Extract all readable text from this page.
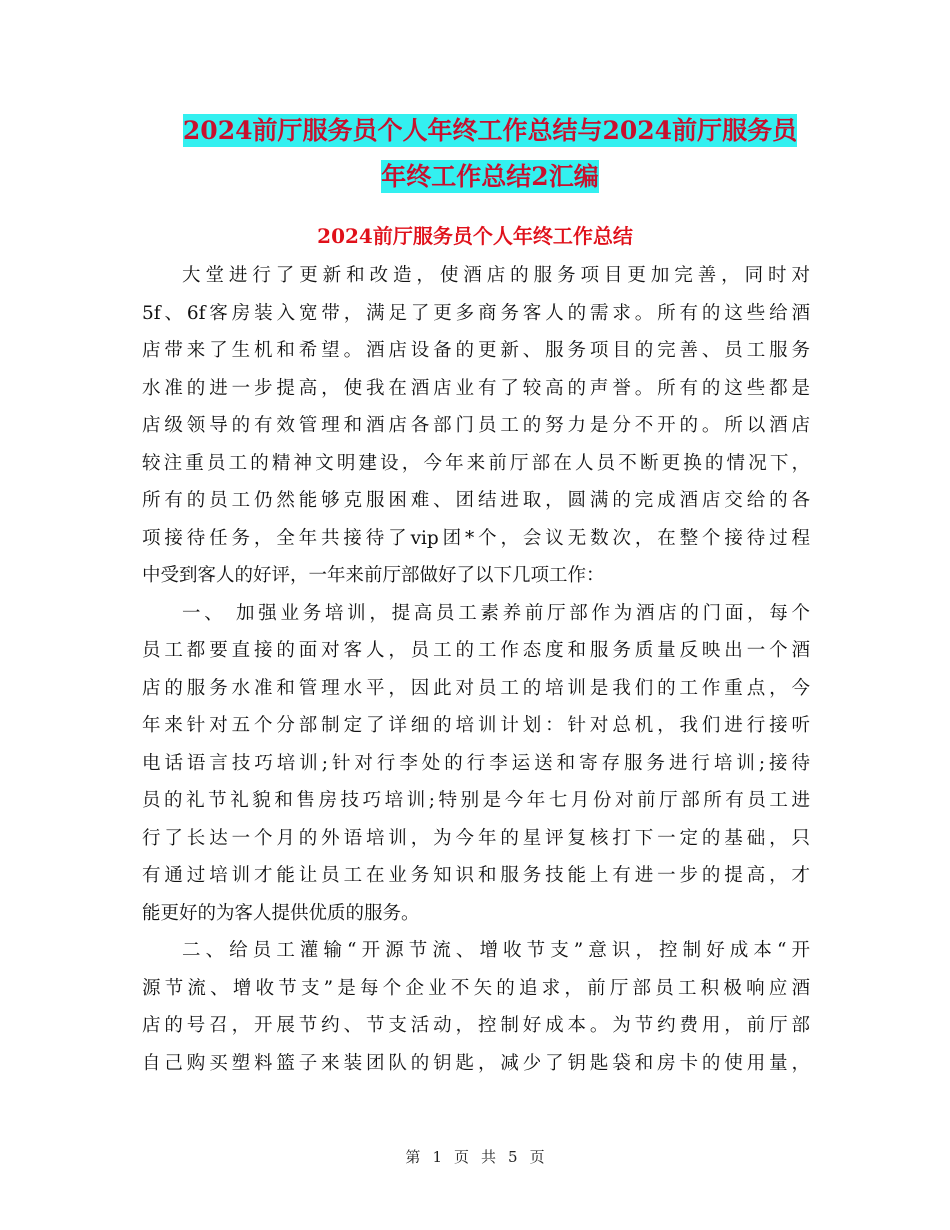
2024前厅服务员个人年终工作总结与2024前厅服务员
年终工作总结2汇编
2024前厅服务员个人年终工作总结
大堂进行了更新和改造，使酒店的服务项目更加完善，同时对
5f、6f客房装入宽带，满足了更多商务客人的需求。所有的这些给酒
店带来了生机和希望。酒店设备的更新、服务项目的完善、员工服务
水准的进一步提高，使我在酒店业有了较高的声誉。所有的这些都是
店级领导的有效管理和酒店各部门员工的努力是分不开的。所以酒店
较注重员工的精神文明建设，今年来前厅部在人员不断更换的情况下，
所有的员工仍然能够克服困难、团结进取，圆满的完成酒店交给的各
项接待任务，全年共接待了vip团*个，会议无数次，在整个接待过程
中受到客人的好评，一年来前厅部做好了以下几项工作：
一、 加强业务培训，提高员工素养前厅部作为酒店的门面，每个
员工都要直接的面对客人，员工的工作态度和服务质量反映出一个酒
店的服务水准和管理水平，因此对员工的培训是我们的工作重点，今
年来针对五个分部制定了详细的培训计划：针对总机，我们进行接听
电话语言技巧培训;针对行李处的行李运送和寄存服务进行培训;接待
员的礼节礼貌和售房技巧培训;特别是今年七月份对前厅部所有员工进
行了长达一个月的外语培训，为今年的星评复核打下一定的基础，只
有通过培训才能让员工在业务知识和服务技能上有进一步的提高，才
能更好的为客人提供优质的服务。
二、给员工灌输“开源节流、增收节支”意识，控制好成本“开
源节流、增收节支”是每个企业不矢的追求，前厅部员工积极响应酒
店的号召，开展节约、节支活动，控制好成本。为节约费用，前厅部
自己购买塑料篮子来装团队的钥匙，减少了钥匙袋和房卡的使用量，
第 1 页 共 5 页
